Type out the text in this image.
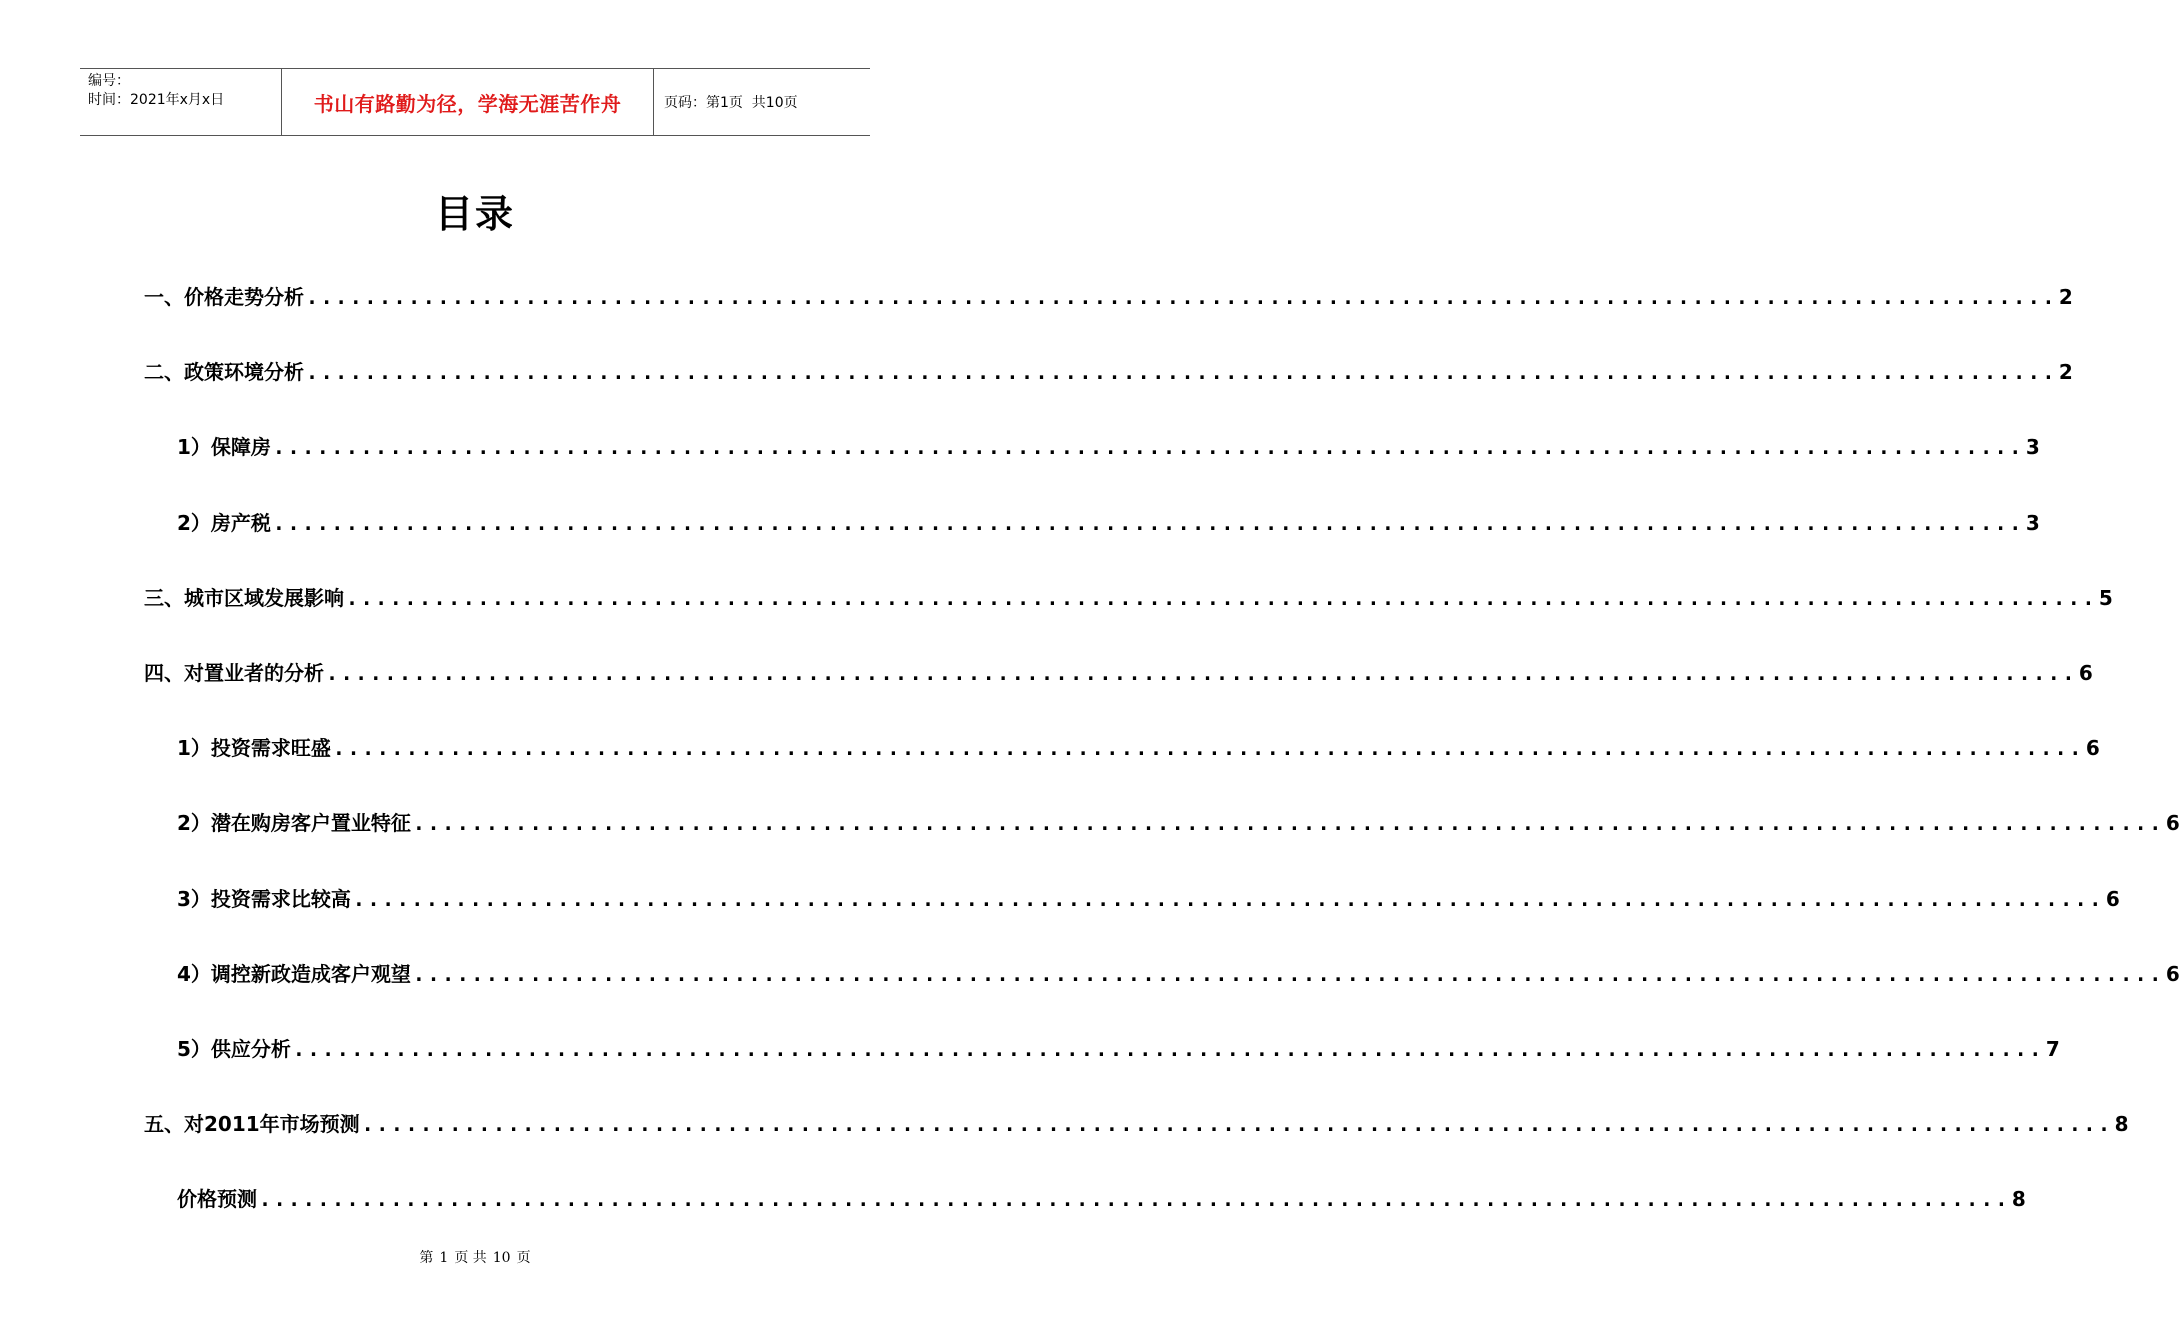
编号：
时间：2021年x月x日	书山有路勤为径，学海无涯苦作舟	页码：第1页  共10页
目录
一、价格走势分析 ........................................................................................................................ 2
二、政策环境分析 ........................................................................................................................ 2
1）保障房 ........................................................................................................................ 3
2）房产税 ........................................................................................................................ 3
三、城市区域发展影响 ........................................................................................................................ 5
四、对置业者的分析 ........................................................................................................................ 6
1）投资需求旺盛 ........................................................................................................................ 6
2）潜在购房客户置业特征 ........................................................................................................................ 6
3）投资需求比较高 ........................................................................................................................ 6
4）调控新政造成客户观望 ........................................................................................................................ 6
5）供应分析 ........................................................................................................................ 7
五、对2011年市场预测 ........................................................................................................................ 8
价格预测 ........................................................................................................................ 8
第 1 页 共 10 页
